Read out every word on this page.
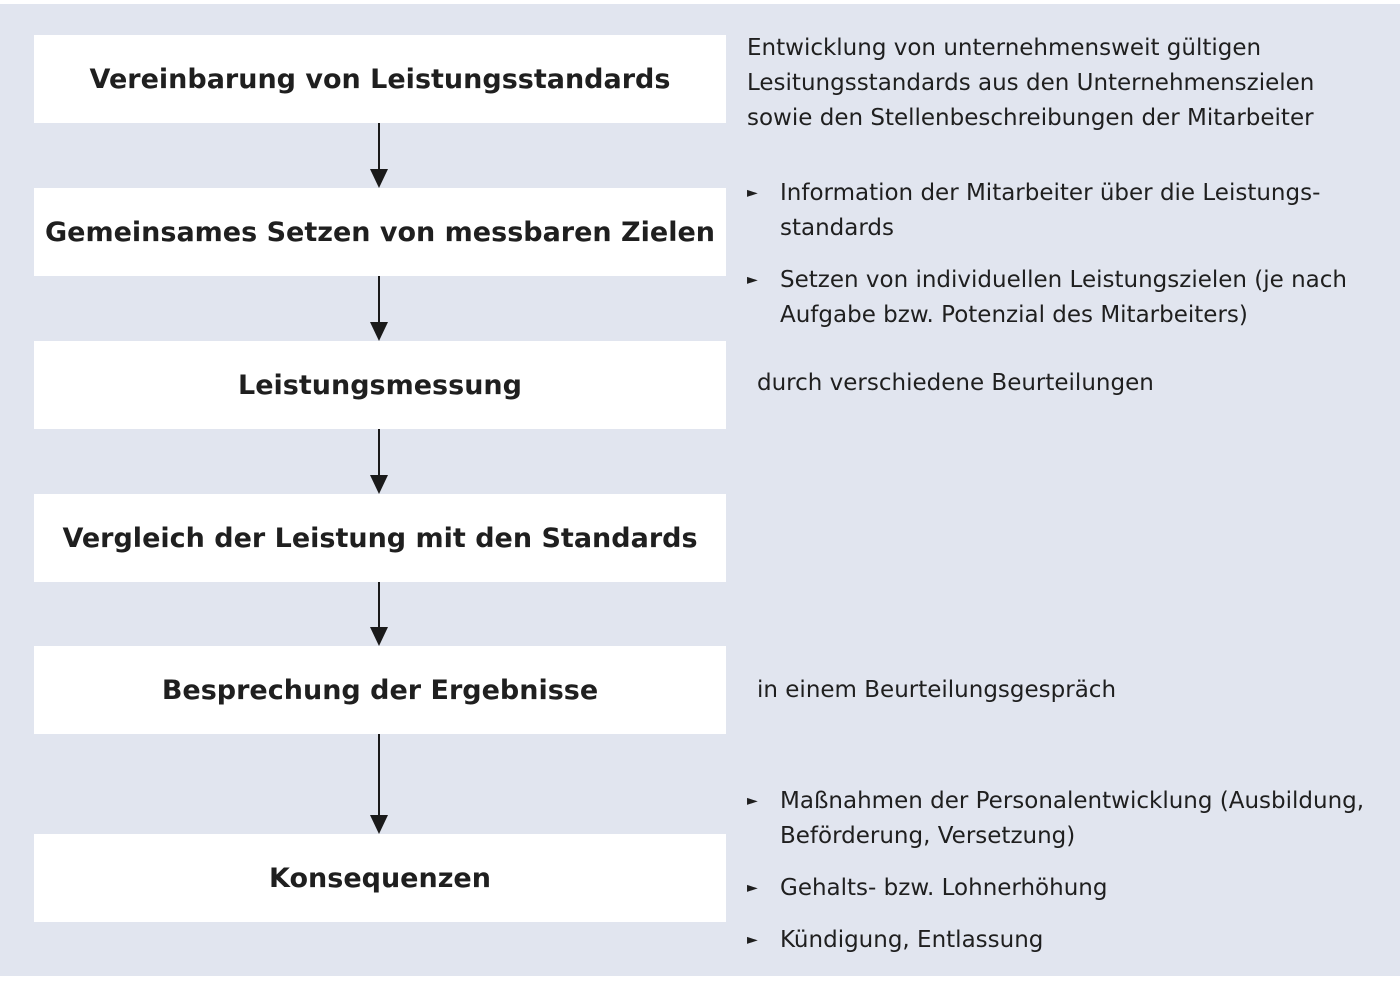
Vereinbarung von Leistungsstandards
Gemeinsames Setzen von messbaren Zielen
Leistungsmessung
Vergleich der Leistung mit den Standards
Besprechung der Ergebnisse
Konsequenzen
Entwicklung von unternehmensweit gültigen Lesitungsstandards aus den Unternehmenszielen sowie den Stellenbeschreibungen der Mitarbeiter
► Information der Mitarbeiter über die Leistungs- standards
► Setzen von individuellen Leistungszielen (je nach Aufgabe bzw. Potenzial des Mitarbeiters)
durch verschiedene Beurteilungen
in einem Beurteilungsgespräch
► Maßnahmen der Personalentwicklung (Ausbildung, Beförderung, Versetzung)
► Gehalts- bzw. Lohnerhöhung
► Kündigung, Entlassung
